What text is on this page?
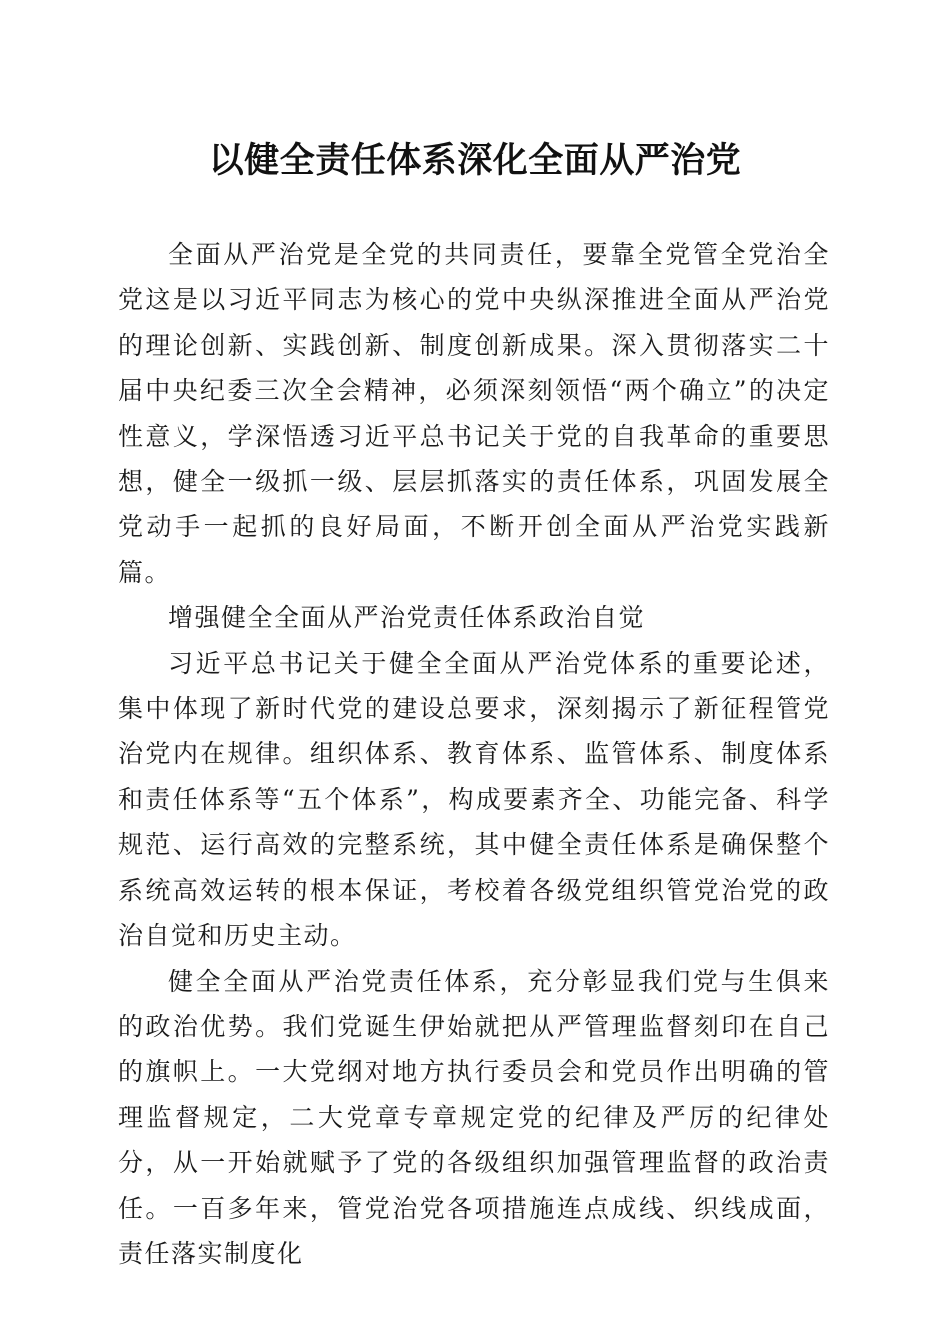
以健全责任体系深化全面从严治党

全面从严治党是全党的共同责任，要靠全党管全党治全党这是以习近平同志为核心的党中央纵深推进全面从严治党的理论创新、实践创新、制度创新成果。深入贯彻落实二十届中央纪委三次全会精神，必须深刻领悟“两个确立”的决定性意义，学深悟透习近平总书记关于党的自我革命的重要思想，健全一级抓一级、层层抓落实的责任体系，巩固发展全党动手一起抓的良好局面，不断开创全面从严治党实践新篇。

增强健全全面从严治党责任体系政治自觉

习近平总书记关于健全全面从严治党体系的重要论述，集中体现了新时代党的建设总要求，深刻揭示了新征程管党治党内在规律。组织体系、教育体系、监管体系、制度体系和责任体系等“五个体系”，构成要素齐全、功能完备、科学规范、运行高效的完整系统，其中健全责任体系是确保整个系统高效运转的根本保证，考校着各级党组织管党治党的政治自觉和历史主动。

健全全面从严治党责任体系，充分彰显我们党与生俱来的政治优势。我们党诞生伊始就把从严管理监督刻印在自己的旗帜上。一大党纲对地方执行委员会和党员作出明确的管理监督规定，二大党章专章规定党的纪律及严厉的纪律处分，从一开始就赋予了党的各级组织加强管理监督的政治责任。一百多年来，管党治党各项措施连点成线、织线成面，责任落实制度化
